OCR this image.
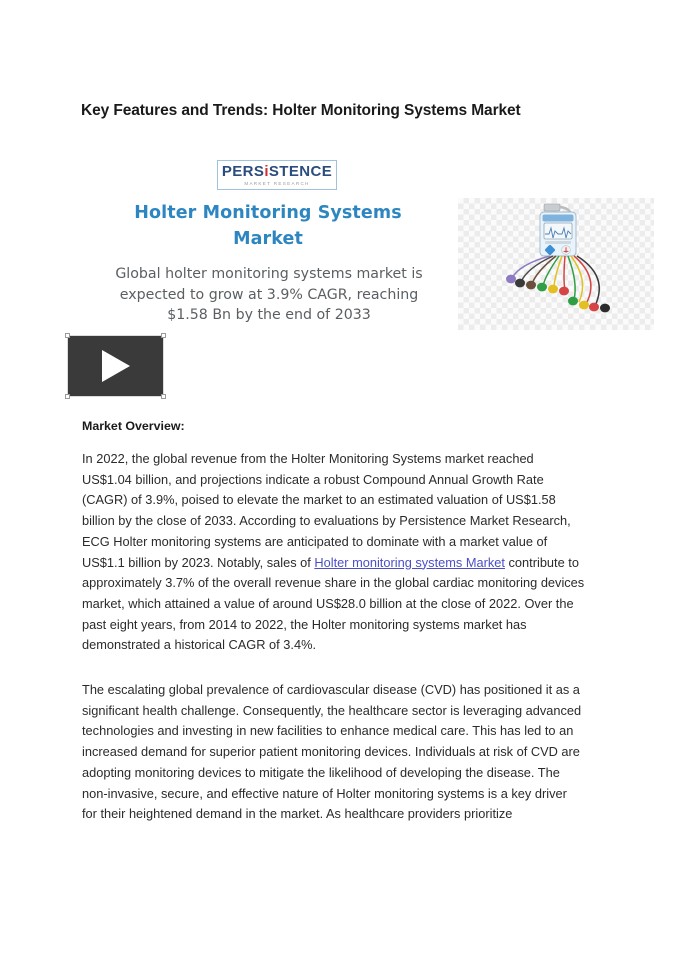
Key Features and Trends: Holter Monitoring Systems Market
PERSiSTENCE
MARKET RESEARCH
Holter Monitoring Systems Market
Global holter monitoring systems market is expected to grow at 3.9% CAGR, reaching $1.58 Bn by the end of 2033
Market Overview:

In 2022, the global revenue from the Holter Monitoring Systems market reached US$1.04 billion, and projections indicate a robust Compound Annual Growth Rate (CAGR) of 3.9%, poised to elevate the market to an estimated valuation of US$1.58 billion by the close of 2033. According to evaluations by Persistence Market Research, ECG Holter monitoring systems are anticipated to dominate with a market value of US$1.1 billion by 2023. Notably, sales of Holter monitoring systems Market contribute to approximately 3.7% of the overall revenue share in the global cardiac monitoring devices market, which attained a value of around US$28.0 billion at the close of 2022. Over the past eight years, from 2014 to 2022, the Holter monitoring systems market has demonstrated a historical CAGR of 3.4%.

The escalating global prevalence of cardiovascular disease (CVD) has positioned it as a significant health challenge. Consequently, the healthcare sector is leveraging advanced technologies and investing in new facilities to enhance medical care. This has led to an increased demand for superior patient monitoring devices. Individuals at risk of CVD are adopting monitoring devices to mitigate the likelihood of developing the disease. The non-invasive, secure, and effective nature of Holter monitoring systems is a key driver for their heightened demand in the market. As healthcare providers prioritize
